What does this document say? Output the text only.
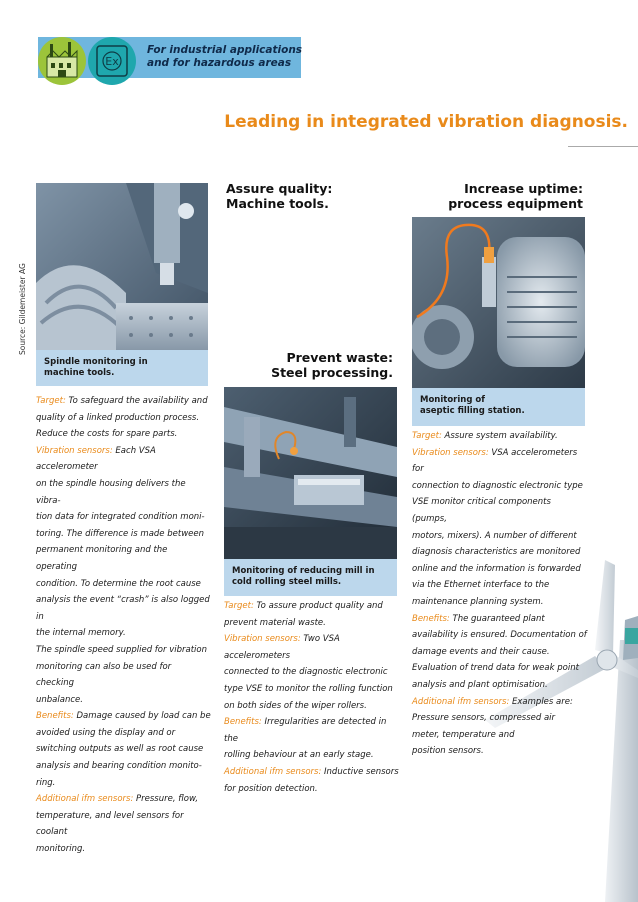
Ex
For industrial applications
and for hazardous areas
Leading in integrated vibration diagnosis.
Source: Gildemeister AG
Assure quality:
Machine tools.
Increase uptime:
process equipment
Prevent waste:
Steel processing.
Spindle monitoring in
machine tools.
Monitoring of reducing mill in
cold rolling steel mills.
Monitoring of
aseptic filling station.

Target: To safeguard the availability and

quality of a linked production process.

Reduce the costs for spare parts.

Vibration sensors: Each VSA accelerometer

on the spindle housing delivers the vibra-

tion data for integrated condition moni-

toring. The difference is made between

permanent monitoring and the operating

condition. To determine the root cause

analysis the event “crash” is also logged in

the internal memory.

The spindle speed supplied for vibration

monitoring can also be used for checking

unbalance.

Benefits: Damage caused by load can be

avoided using the display and or

switching outputs as well as root cause

analysis and bearing condition monito-

ring.

Additional ifm sensors: Pressure, flow,

temperature, and level sensors for coolant

monitoring.

Target: To assure product quality and

prevent material waste.

Vibration sensors: Two VSA accelerometers

connected to the diagnostic electronic

type VSE to monitor the rolling function

on both sides of the wiper rollers.

Benefits: Irregularities are detected in the

rolling behaviour at an early stage.

Additional ifm sensors: Inductive sensors

for position detection.

Target: Assure system availability.

Vibration sensors: VSA accelerometers for

connection to diagnostic electronic type

VSE monitor critical components (pumps,

motors, mixers). A number of different

diagnosis characteristics are monitored

online and the information is forwarded

via the Ethernet interface to the

maintenance planning system.

Benefits: The guaranteed plant

availability is ensured. Documentation of

damage events and their cause.

Evaluation of trend data for weak point

analysis and plant optimisation.

Additional ifm sensors: Examples are:

Pressure sensors, compressed air

meter, temperature and

position sensors.
